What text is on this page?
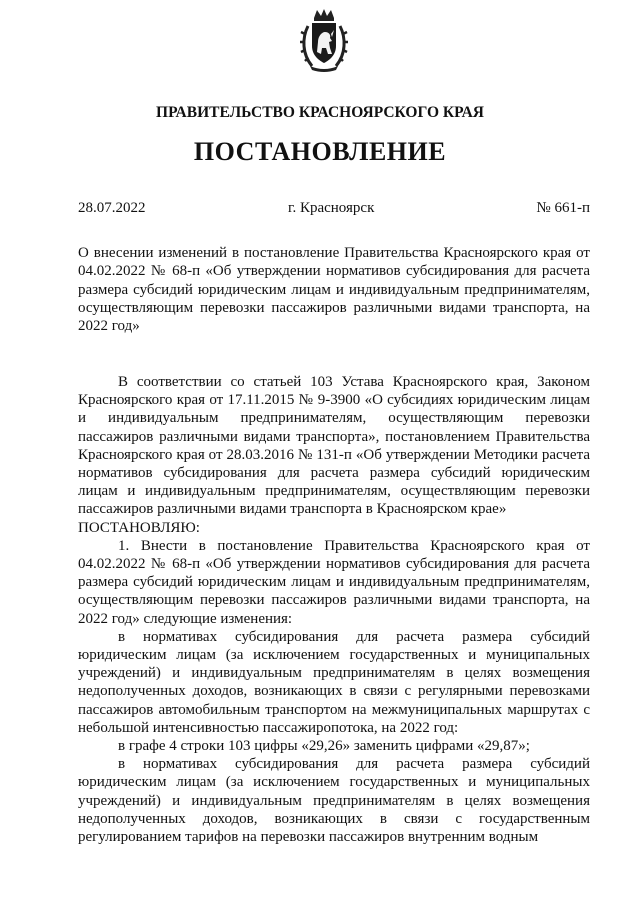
ПРАВИТЕЛЬСТВО КРАСНОЯРСКОГО КРАЯ
ПОСТАНОВЛЕНИЕ
28.07.2022	г. Красноярск	№ 661-п

О внесении изменений в постановление Правительства Красноярского края от 04.02.2022 № 68-п «Об утверждении нормативов субсидирования для расчета размера субсидий юридическим лицам и индивидуальным предпринимателям, осуществляющим перевозки пассажиров различными видами транспорта, на 2022 год»

В соответствии со статьей 103 Устава Красноярского края, Законом Красноярского края от 17.11.2015 № 9-3900 «О субсидиях юридическим лицам и индивидуальным предпринимателям, осуществляющим перевозки пассажиров различными видами транспорта», постановлением Правительства Красноярского края от 28.03.2016 № 131-п «Об утверждении Методики расчета нормативов субсидирования для расчета размера субсидий юридическим лицам и индивидуальным предпринимателям, осуществляющим перевозки пассажиров различными видами транспорта в Красноярском крае»

ПОСТАНОВЛЯЮ:

1. Внести в постановление Правительства Красноярского края от 04.02.2022 № 68-п «Об утверждении нормативов субсидирования для расчета размера субсидий юридическим лицам и индивидуальным предпринимателям, осуществляющим перевозки пассажиров различными видами транспорта, на 2022 год» следующие изменения:

в нормативах субсидирования для расчета размера субсидий юридическим лицам (за исключением государственных и муниципальных учреждений) и индивидуальным предпринимателям в целях возмещения недополученных доходов, возникающих в связи с регулярными перевозками пассажиров автомобильным транспортом на межмуниципальных маршрутах с небольшой интенсивностью пассажиропотока, на 2022 год:

в графе 4 строки 103 цифры «29,26» заменить цифрами «29,87»;

в нормативах субсидирования для расчета размера субсидий юридическим лицам (за исключением государственных и муниципальных учреждений) и индивидуальным предпринимателям в целях возмещения недополученных доходов, возникающих в связи с государственным регулированием тарифов на перевозки пассажиров внутренним водным
